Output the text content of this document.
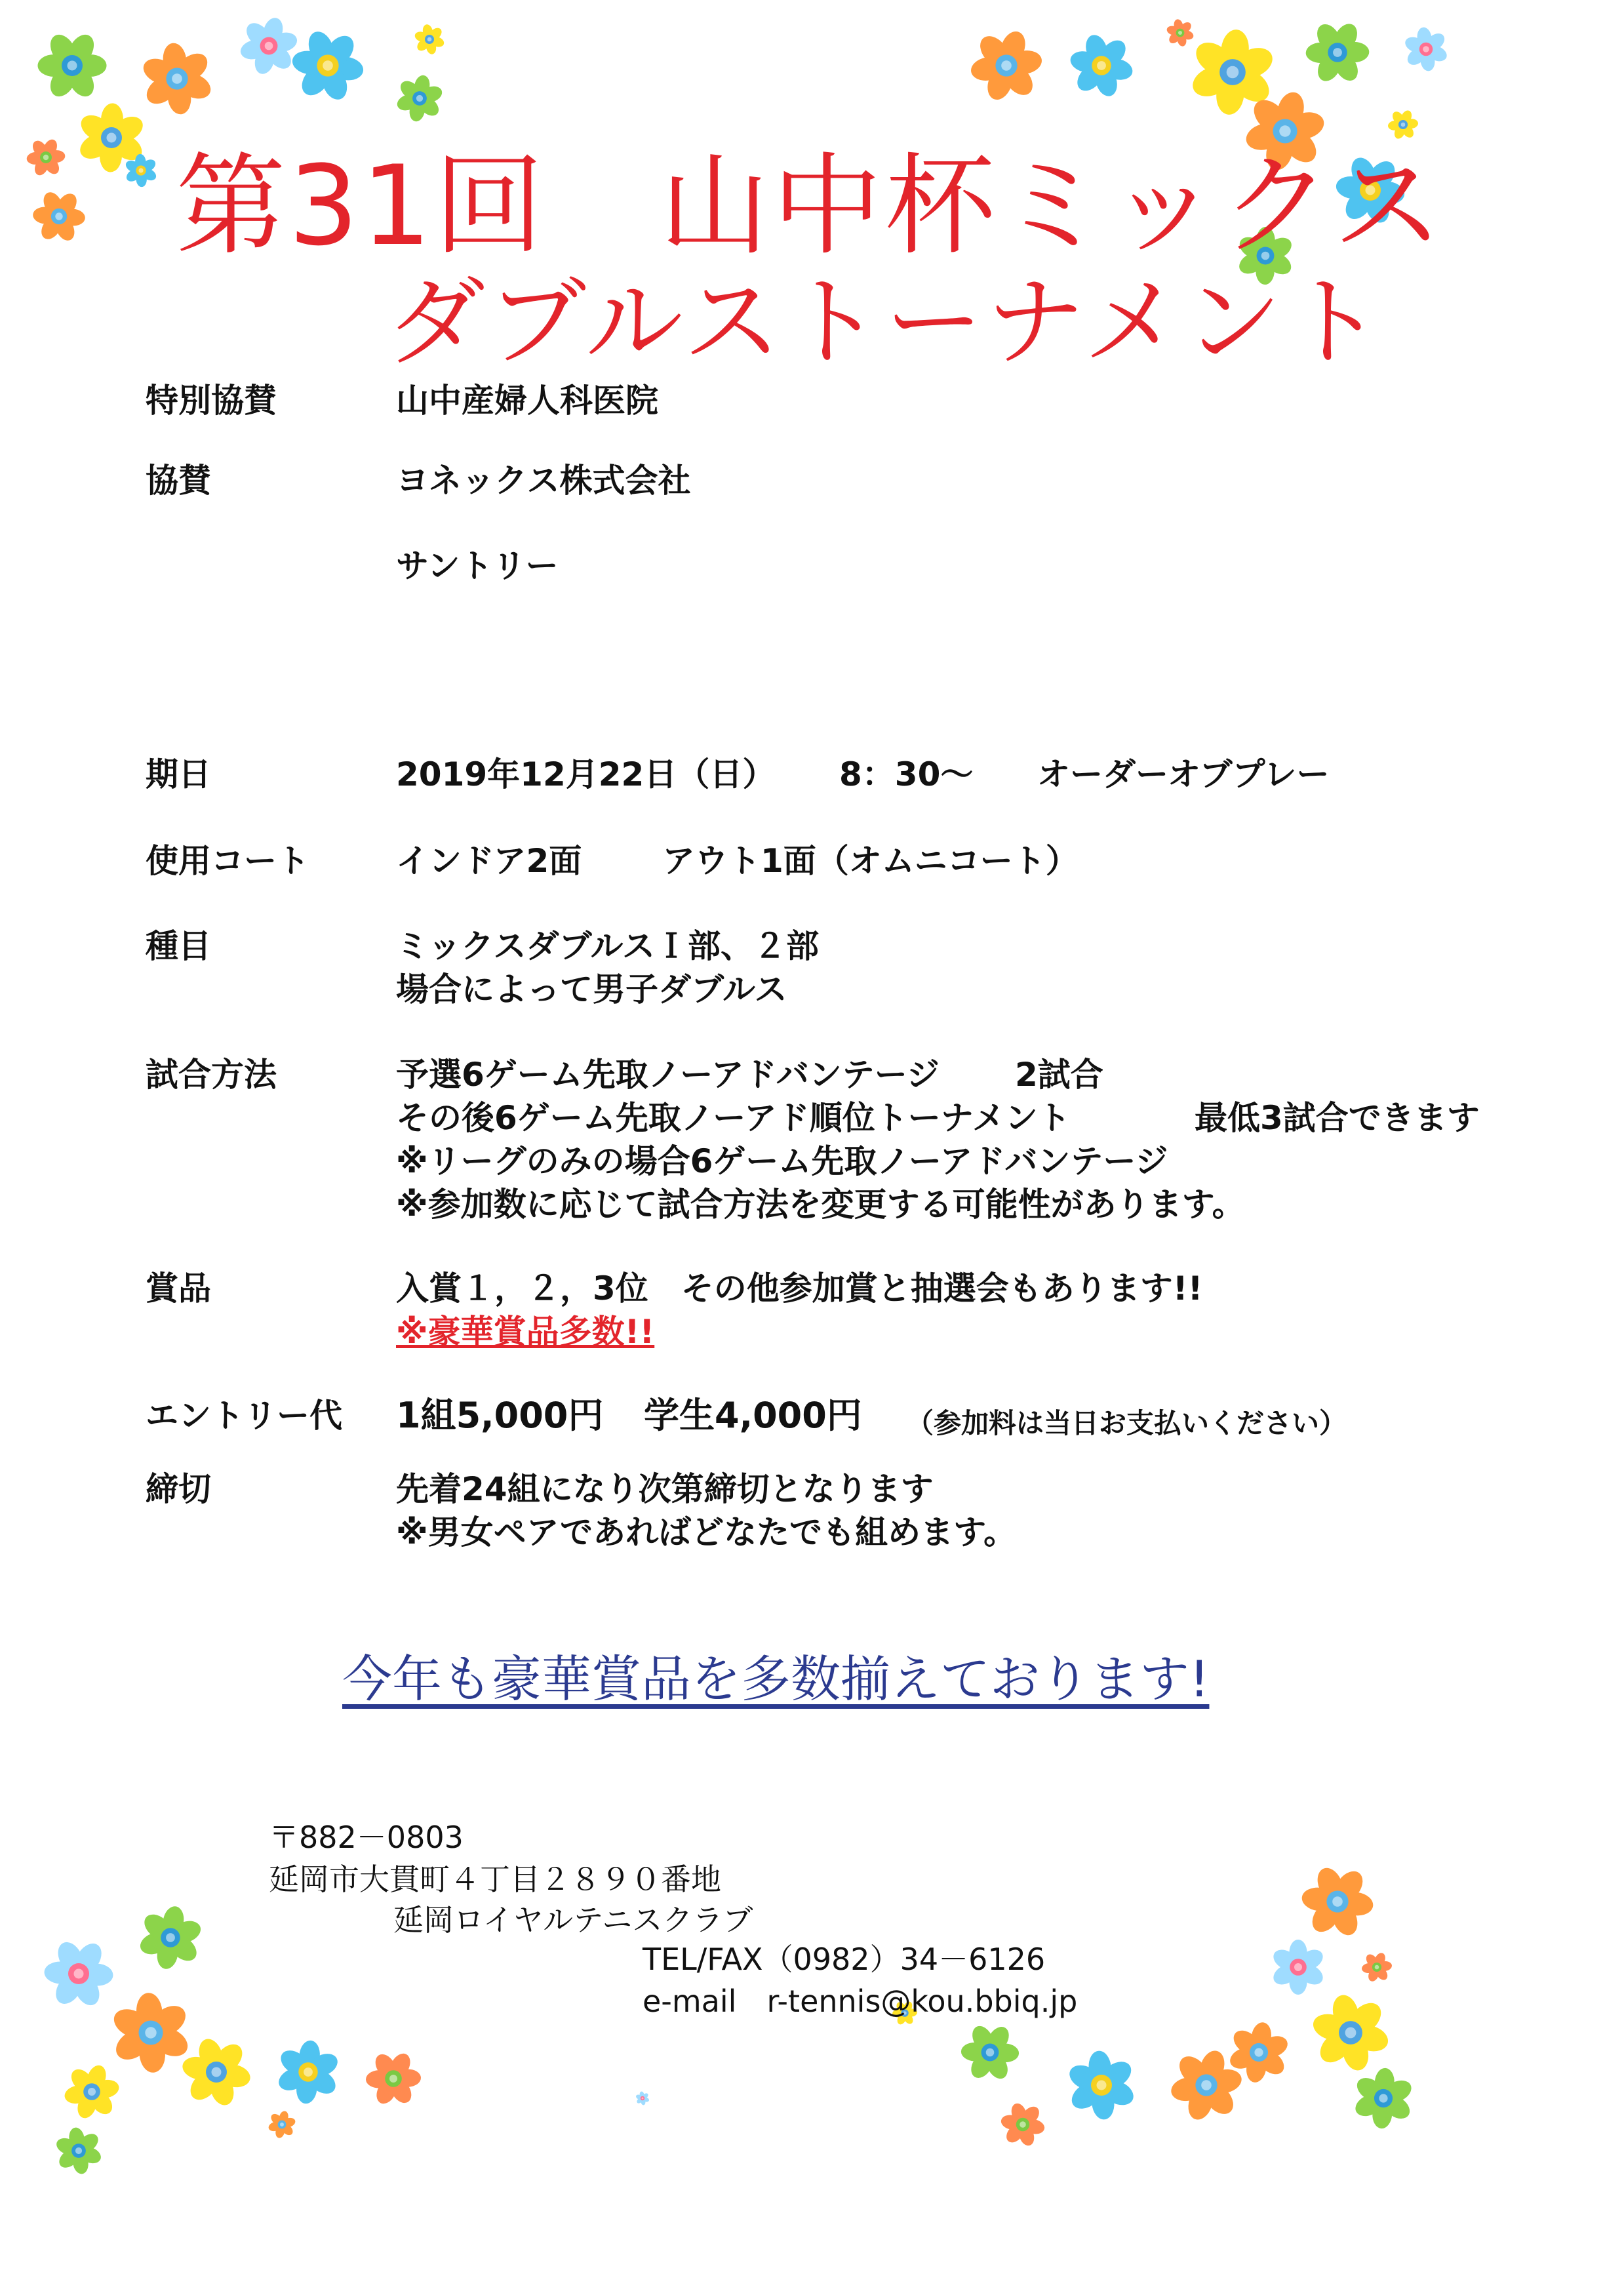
第31回　山中杯ミックス
ダブルストーナメント
特別協賛	山中産婦人科医院
協賛	ヨネックス株式会社
サントリー
期日	2019年12月22日（日） 8：30～ オーダーオブプレー
使用コート	インドア2面 アウト1面（オムニコート）
種目	ミックスダブルスＩ部、２部
場合によって男子ダブルス
試合方法	予選6ゲーム先取ノーアドバンテージ 2試合
その後6ゲーム先取ノーアド順位トーナメント	最低3試合できます
※リーグのみの場合6ゲーム先取ノーアドバンテージ
※参加数に応じて試合方法を変更する可能性があります。
賞品	入賞１，２，3位　その他参加賞と抽選会もあります!!
※豪華賞品多数!!
エントリー代 1組5,000円 学生4,000円 （参加料は当日お支払いください）
締切	先着24組になり次第締切となります
※男女ペアであればどなたでも組めます。
今年も豪華賞品を多数揃えております!
〒882－0803
延岡市大貫町４丁目２８９０番地
延岡ロイヤルテニスクラブ
TEL/FAX（0982）34－6126
e-mail　r-tennis@kou.bbiq.jp
